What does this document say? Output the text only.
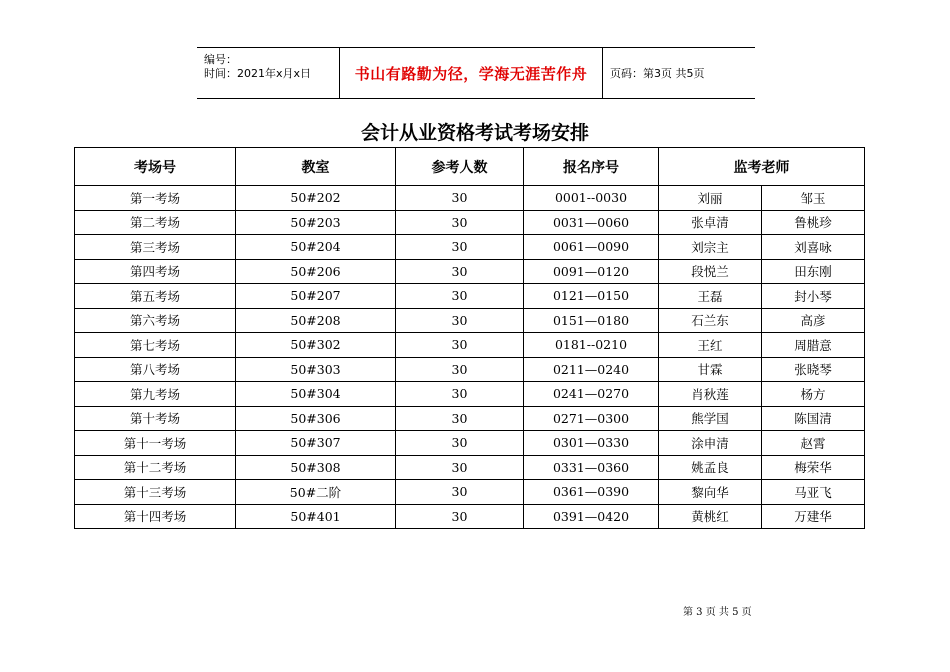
编号：
时间：2021年x月x日	书山有路勤为径，学海无涯苦作舟 页码：第3页 共5页
会计从业资格考试考场安排
考场号	教室	参考人数	报名序号	监考老师	
第一考场	50#202	30	0001--0030	刘丽	邹玉
第二考场	50#203	30	0031—0060	张卓清	鲁桃珍
第三考场	50#204	30	0061—0090	刘宗主	刘喜咏
第四考场	50#206	30	0091—0120	段悦兰	田东刚
第五考场	50#207	30	0121—0150	王磊	封小琴
第六考场	50#208	30	0151—0180	石兰东	高彦
第七考场	50#302	30	0181--0210	王红	周腊意
第八考场	50#303	30	0211—0240	甘霖	张晓琴
第九考场	50#304	30	0241—0270	肖秋莲	杨方
第十考场	50#306	30	0271—0300	熊学国	陈国清
第十一考场	50#307	30	0301—0330	涂申清	赵霄
第十二考场	50#308	30	0331—0360	姚孟良	梅荣华
第十三考场	50#二阶	30	0361—0390	黎向华	马亚飞
第十四考场	50#401	30	0391—0420	黄桃红	万建华
第 3 页 共 5 页
